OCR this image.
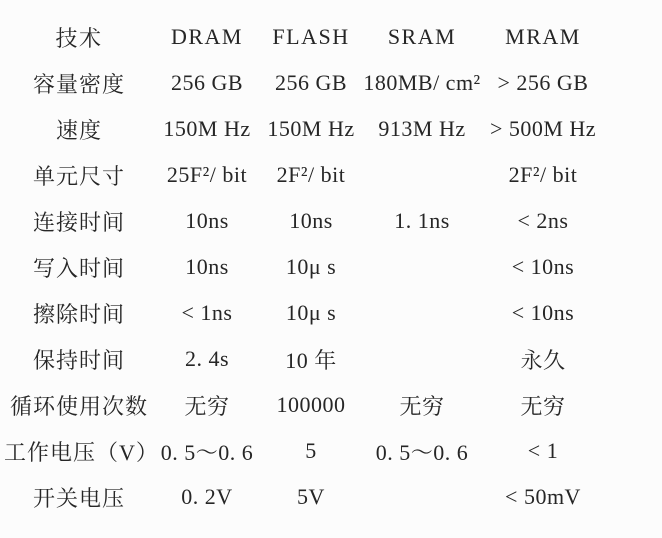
技术	DRAM	FLASH	SRAM	MRAM
容量密度	256 GB	256 GB	180MB/ cm²	> 256 GB
速度	150M Hz	150M Hz	913M Hz	> 500M Hz
单元尺寸	25F²/ bit	2F²/ bit		2F²/ bit
连接时间	10ns	10ns	1. 1ns	< 2ns
写入时间	10ns	10μ s		< 10ns
擦除时间	< 1ns	10μ s		< 10ns
保持时间	2. 4s	10 年		永久
循环使用次数	无穷	100000	无穷	无穷
工作电压（V）	0. 5～0. 6	5	0. 5～0. 6	< 1
开关电压	0. 2V	5V		< 50mV
